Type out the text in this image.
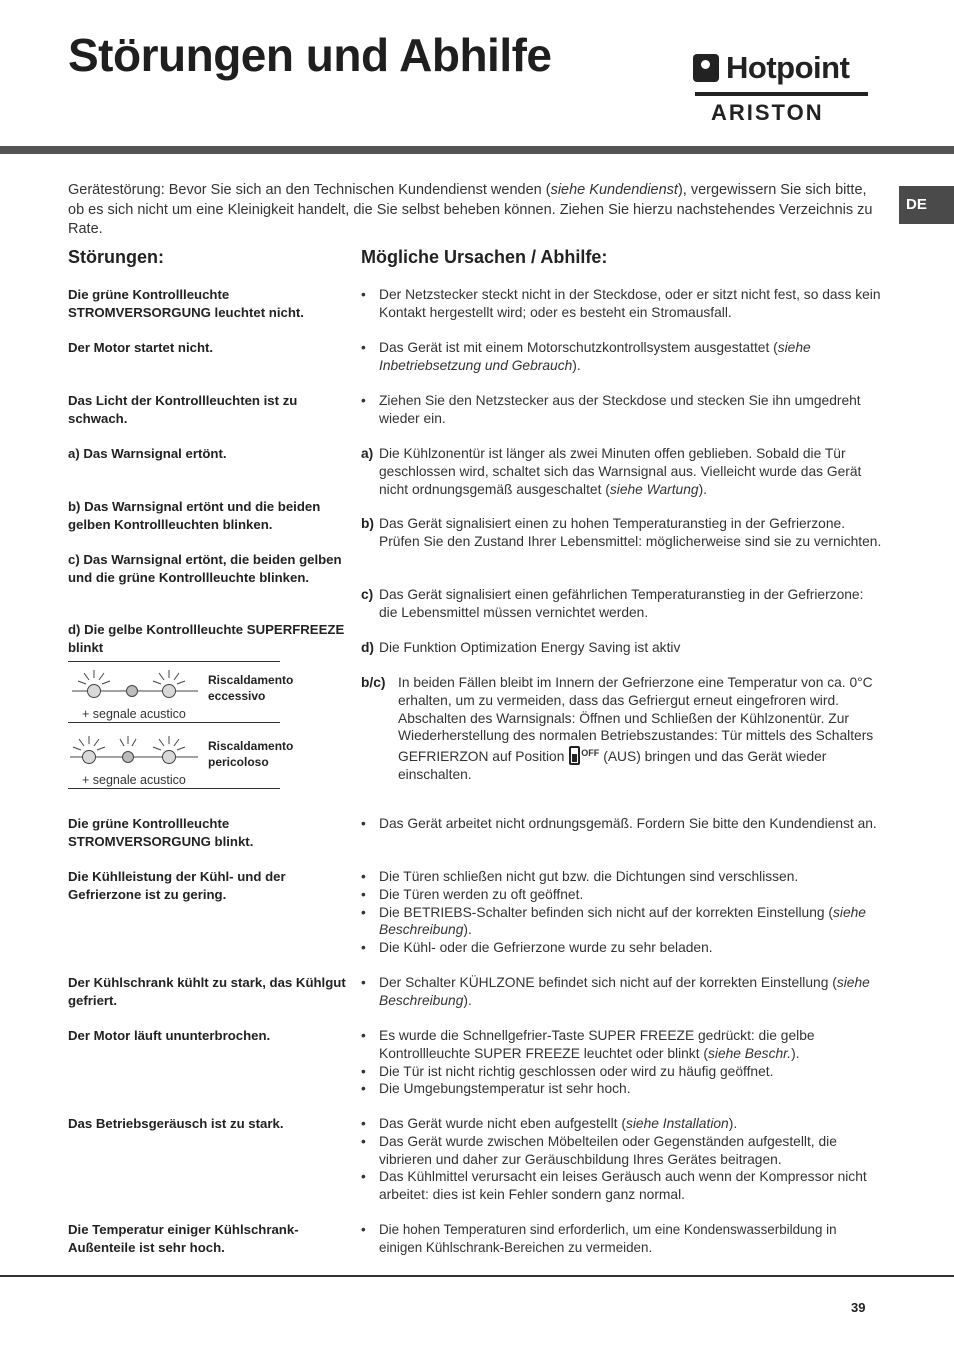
Störungen und Abhilfe	Hotpoint
ARISTON
DE
Gerätestörung: Bevor Sie sich an den Technischen Kundendienst wenden (siehe Kundendienst), vergewissern Sie sich bitte, ob es sich nicht um eine Kleinigkeit handelt, die Sie selbst beheben können. Ziehen Sie hierzu nachstehendes Verzeichnis zu Rate.
Störungen:	Mögliche Ursachen / Abhilfe:
Die grüne Kontrollleuchte STROMVERSORGUNG leuchtet nicht.
Der Motor startet nicht.
Das Licht der Kontrollleuchten ist zu schwach.
a) Das Warnsignal ertönt.
b) Das Warnsignal ertönt und die beiden gelben Kontrollleuchten blinken.
c) Das Warnsignal ertönt, die beiden gelben und die grüne Kontrollleuchte blinken.
d) Die gelbe Kontrollleuchte SUPERFREEZE blinkt
Riscaldamento
eccessivo
+ segnale acustico
Riscaldamento
pericoloso
+ segnale acustico
Die grüne Kontrollleuchte STROMVERSORGUNG blinkt.
Die Kühlleistung der Kühl- und der Gefrierzone ist zu gering.
Der Kühlschrank kühlt zu stark, das Kühlgut gefriert.
Der Motor läuft ununterbrochen.
Das Betriebsgeräusch ist zu stark.
Die Temperatur einiger Kühlschrank-Außenteile ist sehr hoch.
• Der Netzstecker steckt nicht in der Steckdose, oder er sitzt nicht fest, so dass kein Kontakt hergestellt wird; oder es besteht ein Stromausfall.
• Das Gerät ist mit einem Motorschutzkontrollsystem ausgestattet (siehe Inbetriebsetzung und Gebrauch).
• Ziehen Sie den Netzstecker aus der Steckdose und stecken Sie ihn umgedreht wieder ein.
a) Die Kühlzonentür ist länger als zwei Minuten offen geblieben. Sobald die Tür geschlossen wird, schaltet sich das Warnsignal aus. Vielleicht wurde das Gerät nicht ordnungsgemäß ausgeschaltet (siehe Wartung).
b) Das Gerät signalisiert einen zu hohen Temperaturanstieg in der Gefrierzone. Prüfen Sie den Zustand Ihrer Lebensmittel: möglicherweise sind sie zu vernichten.
c) Das Gerät signalisiert einen gefährlichen Temperaturanstieg in der Gefrierzone: die Lebensmittel müssen vernichtet werden.
d) Die Funktion Optimization Energy Saving ist aktiv
b/c) In beiden Fällen bleibt im Innern der Gefrierzone eine Temperatur von ca. 0°C erhalten, um zu vermeiden, dass das Gefriergut erneut eingefroren wird.
Abschalten des Warnsignals: Öffnen und Schließen der Kühlzonentür. Zur Wiederherstellung des normalen Betriebszustandes: Tür mittels des Schalters GEFRIERZON auf Position $^{OFF}$ (AUS) bringen und das Gerät wieder einschalten.
• Das Gerät arbeitet nicht ordnungsgemäß. Fordern Sie bitte den Kundendienst an.
• Die Türen schließen nicht gut bzw. die Dichtungen sind verschlissen.
• Die Türen werden zu oft geöffnet.
• Die BETRIEBS-Schalter befinden sich nicht auf der korrekten Einstellung (siehe Beschreibung).
• Die Kühl- oder die Gefrierzone wurde zu sehr beladen.
• Der Schalter KÜHLZONE befindet sich nicht auf der korrekten Einstellung (siehe Beschreibung).
• Es wurde die Schnellgefrier-Taste SUPER FREEZE gedrückt: die gelbe Kontrollleuchte SUPER FREEZE leuchtet oder blinkt (siehe Beschr.).
• Die Tür ist nicht richtig geschlossen oder wird zu häufig geöffnet.
• Die Umgebungstemperatur ist sehr hoch.
• Das Gerät wurde nicht eben aufgestellt (siehe Installation).
• Das Gerät wurde zwischen Möbelteilen oder Gegenständen aufgestellt, die vibrieren und daher zur Geräuschbildung Ihres Gerätes beitragen.
• Das Kühlmittel verursacht ein leises Geräusch auch wenn der Kompressor nicht arbeitet: dies ist kein Fehler sondern ganz normal.
• Die hohen Temperaturen sind erforderlich, um eine Kondenswasserbildung in einigen Kühlschrank-Bereichen zu vermeiden.
39
